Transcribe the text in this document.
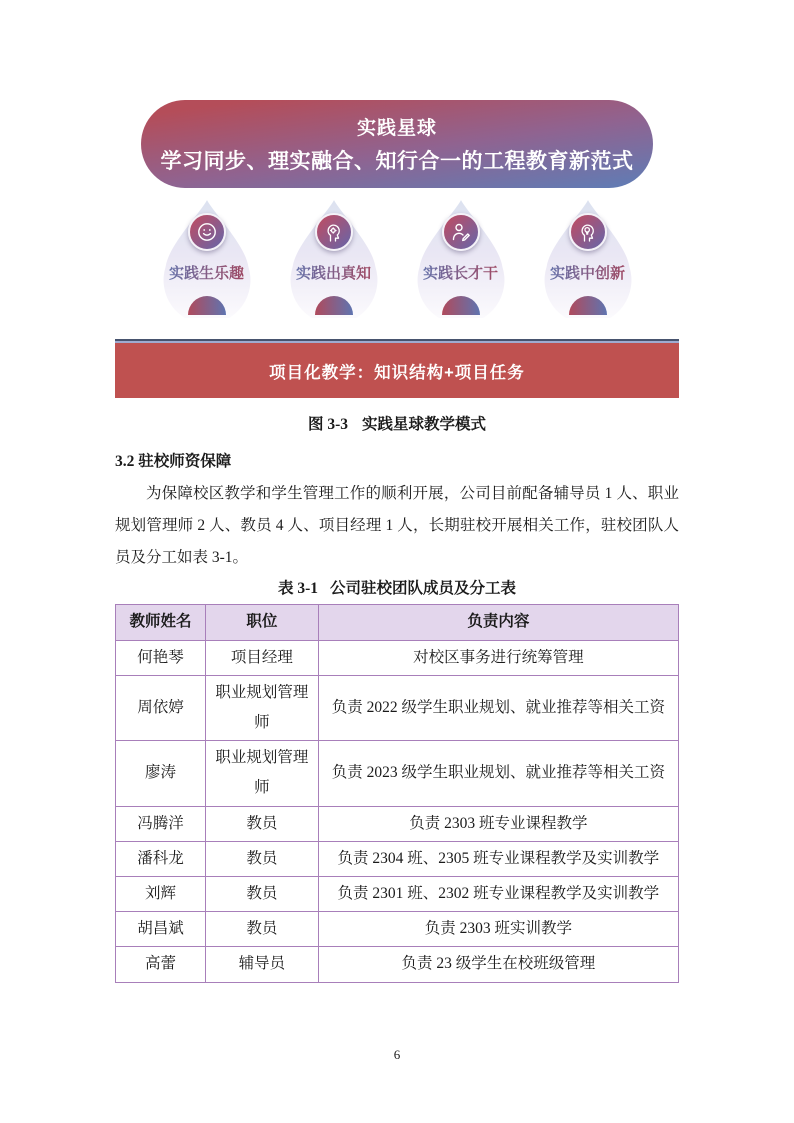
实践星球
学习同步、理实融合、知行合一的工程教育新范式
实践生乐趣	实践出真知	实践长才干	实践中创新
项目化教学：知识结构+项目任务
图 3-3 实践星球教学模式
3.2 驻校师资保障

为保障校区教学和学生管理工作的顺利开展，公司目前配备辅导员 1 人、职业规划管理师 2 人、教员 4 人、项目经理 1 人，长期驻校开展相关工作，驻校团队人员及分工如表 3-1。

表 3-1 公司驻校团队成员及分工表
教师姓名	职位	负责内容
何艳琴	项目经理	对校区事务进行统筹管理
周依婷	职业规划管理师	负责 2022 级学生职业规划、就业推荐等相关工资
廖涛	职业规划管理师	负责 2023 级学生职业规划、就业推荐等相关工资
冯腾洋	教员	负责 2303 班专业课程教学
潘科龙	教员	负责 2304 班、2305 班专业课程教学及实训教学
刘辉	教员	负责 2301 班、2302 班专业课程教学及实训教学
胡昌斌	教员	负责 2303 班实训教学
高蕾	辅导员	负责 23 级学生在校班级管理
6
